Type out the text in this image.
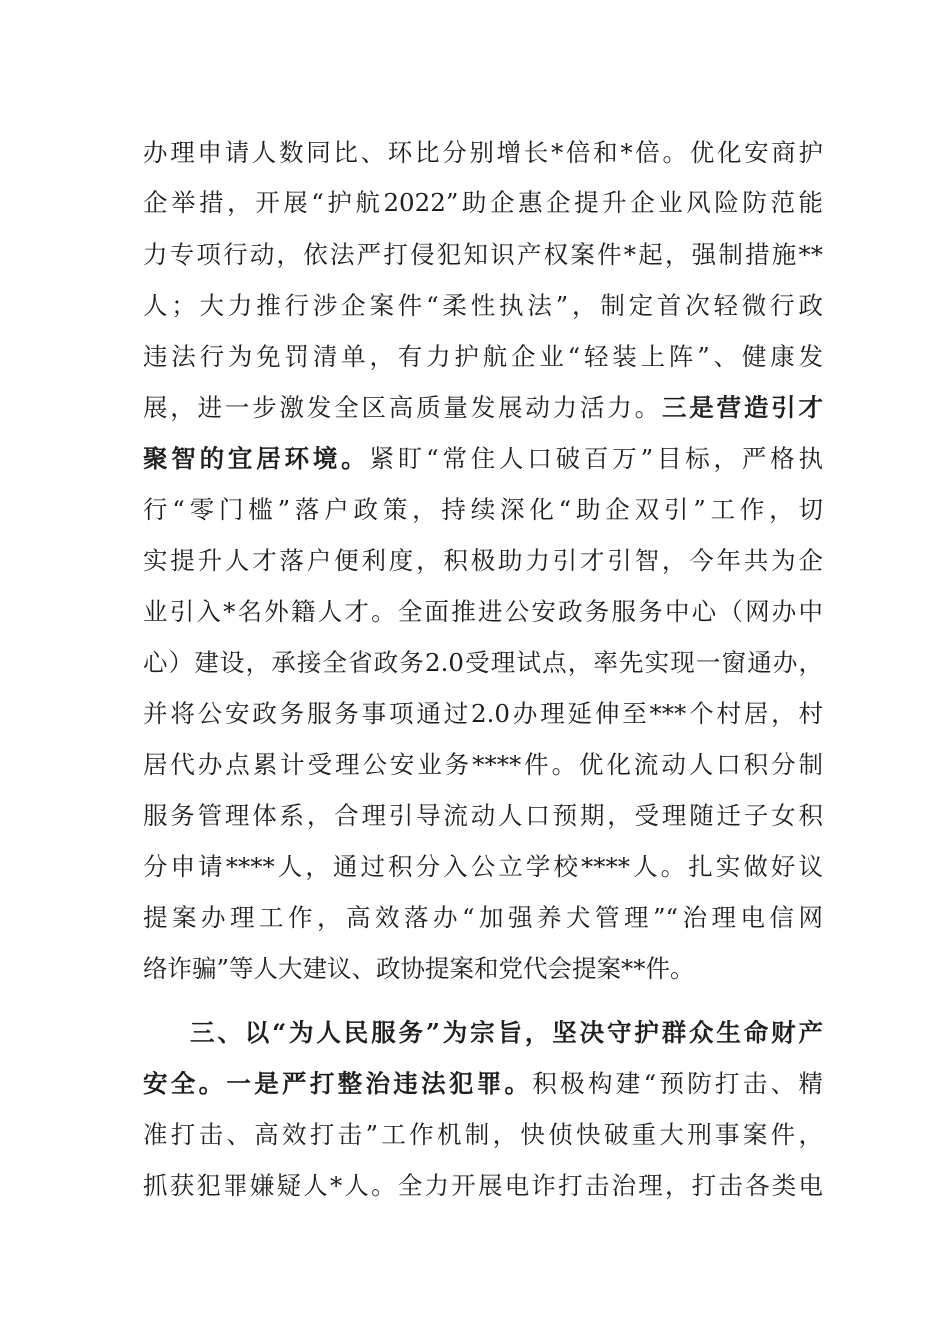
办理申请人数同比、环比分别增长*倍和*倍。优化安商护
企举措，开展“护航2022”助企惠企提升企业风险防范能
力专项行动，依法严打侵犯知识产权案件*起，强制措施**
人；大力推行涉企案件“柔性执法”，制定首次轻微行政
违法行为免罚清单，有力护航企业“轻装上阵”、健康发
展，进一步激发全区高质量发展动力活力。三是营造引才
聚智的宜居环境。紧盯“常住人口破百万”目标，严格执
行“零门槛”落户政策，持续深化“助企双引”工作，切
实提升人才落户便利度，积极助力引才引智，今年共为企
业引入*名外籍人才。全面推进公安政务服务中心（网办中
心）建设，承接全省政务2.0受理试点，率先实现一窗通办，
并将公安政务服务事项通过2.0办理延伸至***个村居，村
居代办点累计受理公安业务****件。优化流动人口积分制
服务管理体系，合理引导流动人口预期，受理随迁子女积
分申请****人，通过积分入公立学校****人。扎实做好议
提案办理工作，高效落办“加强养犬管理”“治理电信网
络诈骗”等人大建议、政协提案和党代会提案**件。
三、以“为人民服务”为宗旨，坚决守护群众生命财产
安全。一是严打整治违法犯罪。积极构建“预防打击、精
准打击、高效打击”工作机制，快侦快破重大刑事案件，
抓获犯罪嫌疑人*人。全力开展电诈打击治理，打击各类电
